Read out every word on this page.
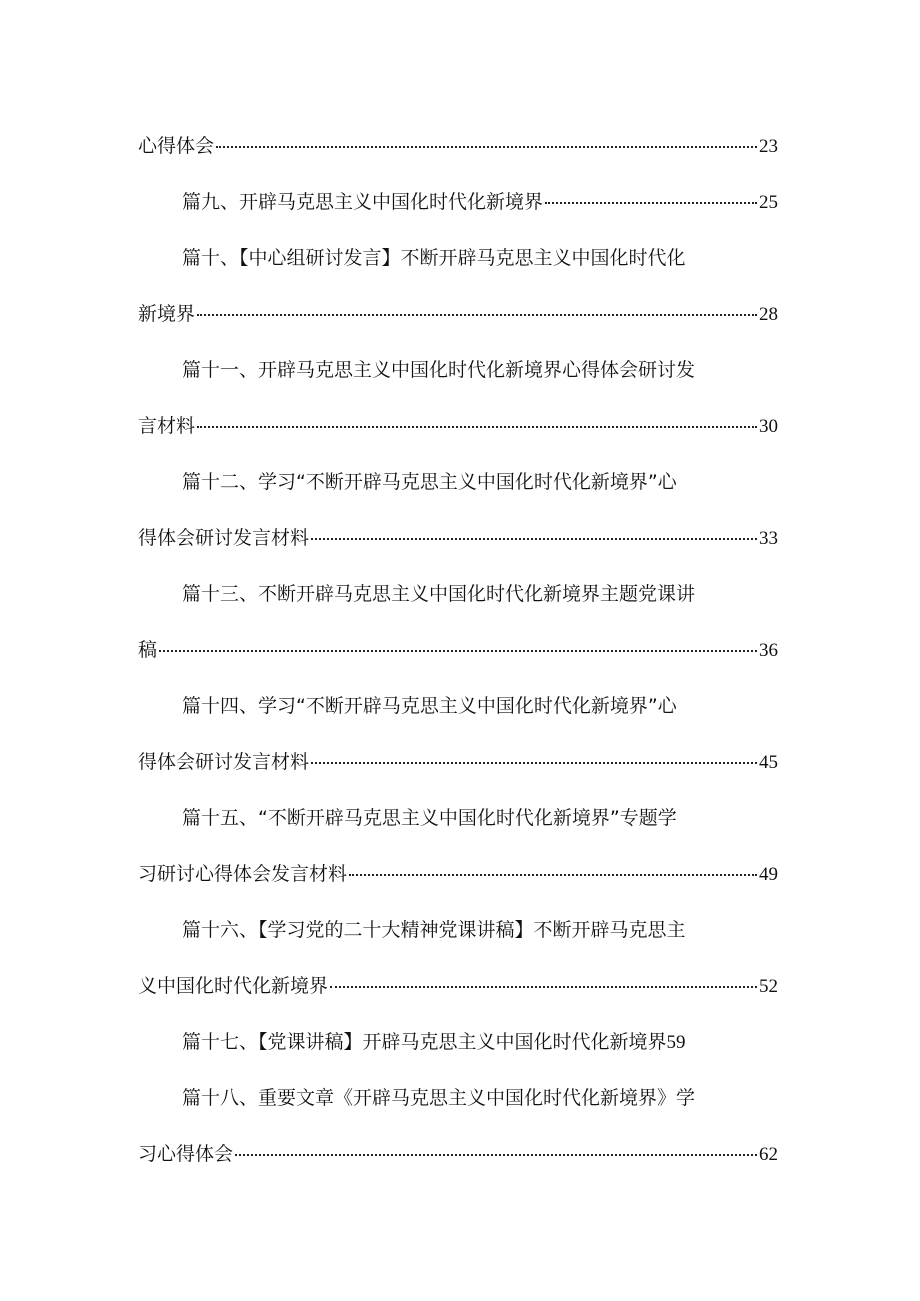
心得体会	23
篇九、开辟马克思主义中国化时代化新境界	25
篇十、【中心组研讨发言】不断开辟马克思主义中国化时代化
新境界	28
篇十一、开辟马克思主义中国化时代化新境界心得体会研讨发
言材料	30
篇十二、学习“不断开辟马克思主义中国化时代化新境界”心
得体会研讨发言材料	33
篇十三、不断开辟马克思主义中国化时代化新境界主题党课讲
稿	36
篇十四、学习“不断开辟马克思主义中国化时代化新境界”心
得体会研讨发言材料	45
篇十五、“不断开辟马克思主义中国化时代化新境界”专题学
习研讨心得体会发言材料	49
篇十六、【学习党的二十大精神党课讲稿】不断开辟马克思主
义中国化时代化新境界	52
篇十七、【党课讲稿】开辟马克思主义中国化时代化新境界59
篇十八、重要文章《开辟马克思主义中国化时代化新境界》学
习心得体会	62
